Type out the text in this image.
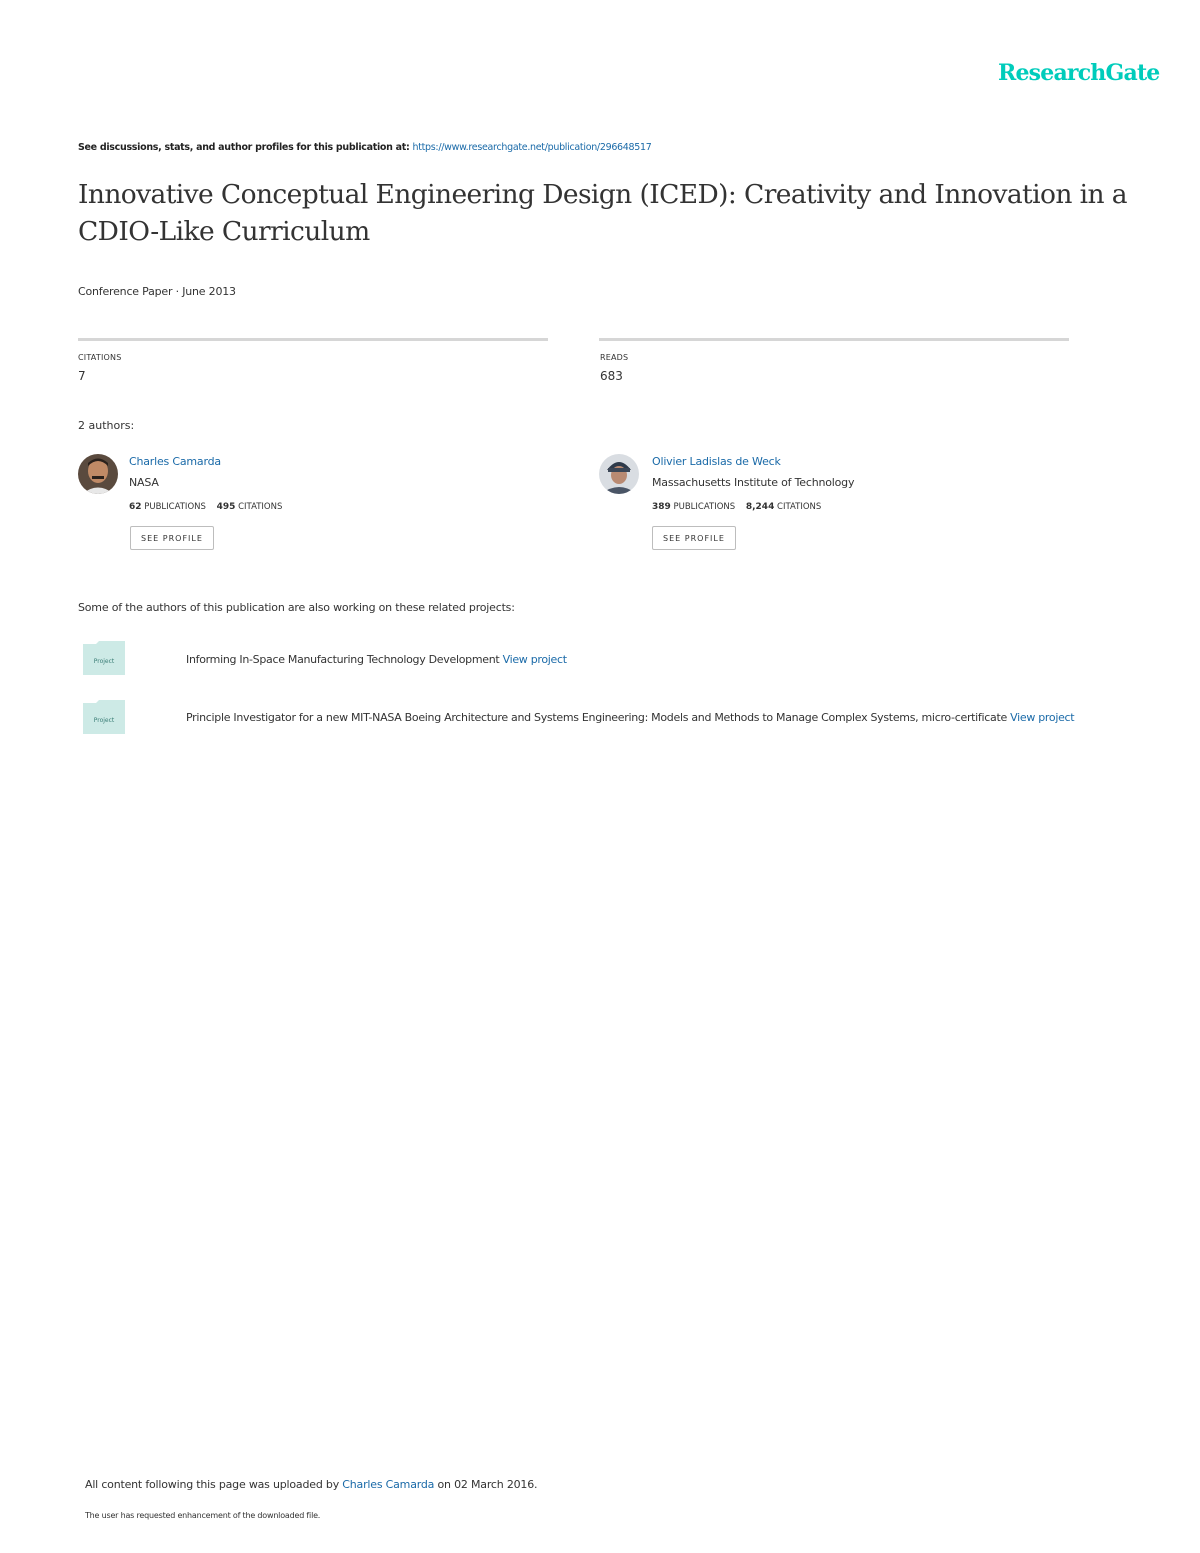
ResearchGate
See discussions, stats, and author profiles for this publication at: https://www.researchgate.net/publication/296648517
Innovative Conceptual Engineering Design (ICED): Creativity and Innovation in a CDIO-Like Curriculum
Conference Paper · June 2013
CITATIONS
7
READS
683
2 authors:
Charles Camarda
NASA
62 PUBLICATIONS 495 CITATIONS
SEE PROFILE
Olivier Ladislas de Weck
Massachusetts Institute of Technology
389 PUBLICATIONS 8,244 CITATIONS
SEE PROFILE
Some of the authors of this publication are also working on these related projects:
Project	Informing In-Space Manufacturing Technology Development View project
Project	Principle Investigator for a new MIT-NASA Boeing Architecture and Systems Engineering: Models and Methods to Manage Complex Systems, micro-certificate View project
All content following this page was uploaded by Charles Camarda on 02 March 2016.
The user has requested enhancement of the downloaded file.
